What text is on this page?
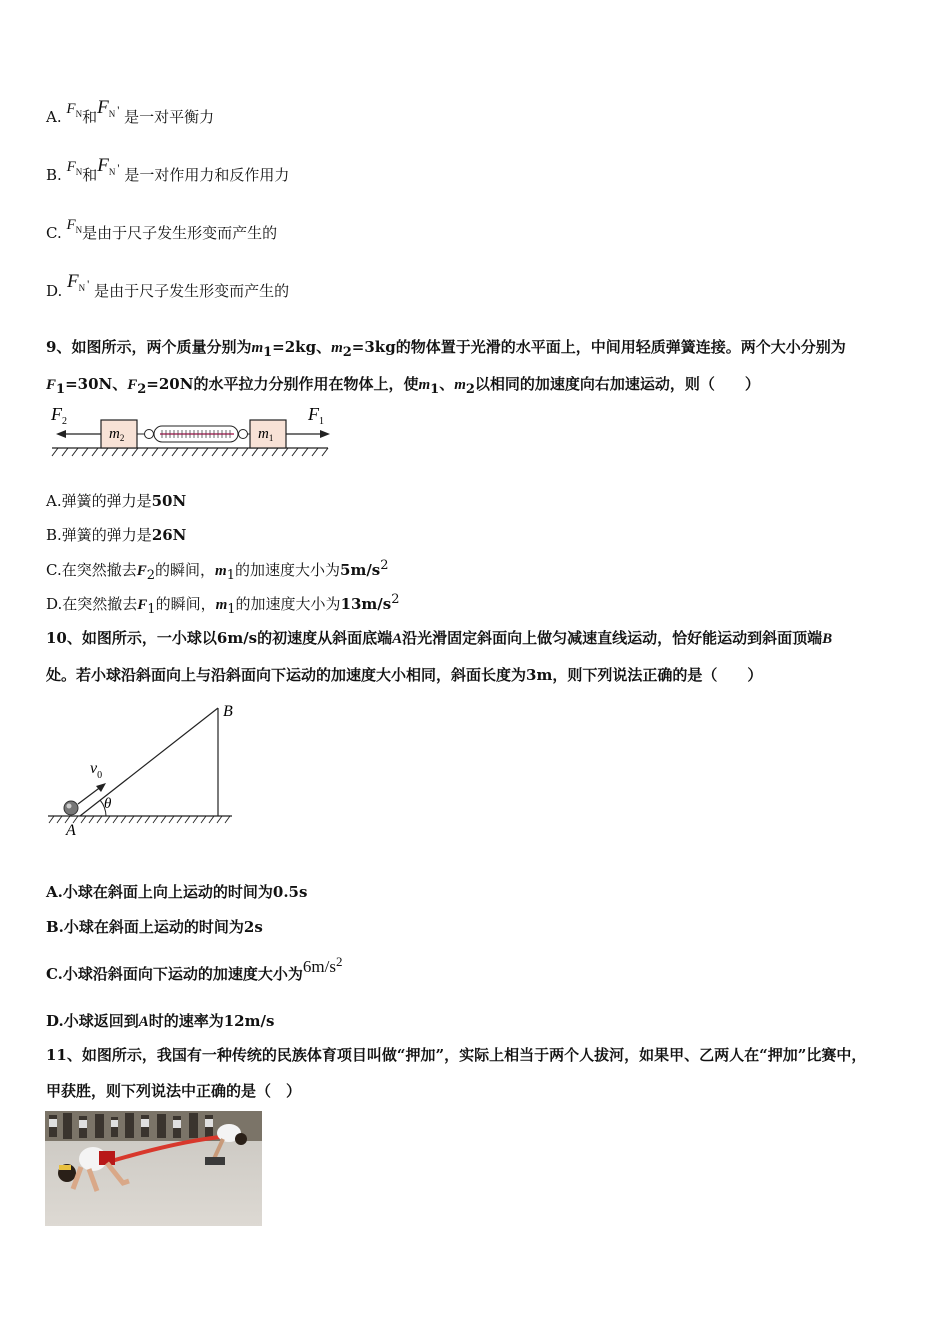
A. $F_N$和$F_N$ ' 是一对平衡力
B. $F_N$和$F_N$ ' 是一对作用力和反作用力
C. $F_N$是由于尺子发生形变而产生的
D. $F_N$ ' 是由于尺子发生形变而产生的
9、如图所示，两个质量分别为$m_1=2kg$、$m_2=3kg$的物体置于光滑的水平面上，中间用轻质弹簧连接。两个大小分别为
$F_1=30N$、$F_2=20N$的水平拉力分别作用在物体上，使$m_1$、$m_2$以相同的加速度向右加速运动，则（　　）
$F_2$	$F_1$
$m_2$	$m_1$
A.弹簧的弹力是50N
B.弹簧的弹力是26N
C.在突然撤去$F_2$的瞬间，$m_1$的加速度大小为$5m/s^2$
D.在突然撤去$F_1$的瞬间，$m_1$的加速度大小为$13m/s^2$
10、如图所示，一小球以6m/s的初速度从斜面底端A沿光滑固定斜面向上做匀减速直线运动，恰好能运动到斜面顶端B
处。若小球沿斜面向上与沿斜面向下运动的加速度大小相同，斜面长度为3m，则下列说法正确的是（　　）
B
A
$v_0$
θ
A.小球在斜面上向上运动的时间为0.5s
B.小球在斜面上运动的时间为2s
C.小球沿斜面向下运动的加速度大小为$6m/s^2$
D.小球返回到A时的速率为12m/s
11、如图所示，我国有一种传统的民族体育项目叫做“押加”，实际上相当于两个人拔河，如果甲、乙两人在“押加”比赛中，
甲获胜，则下列说法中正确的是（　）
